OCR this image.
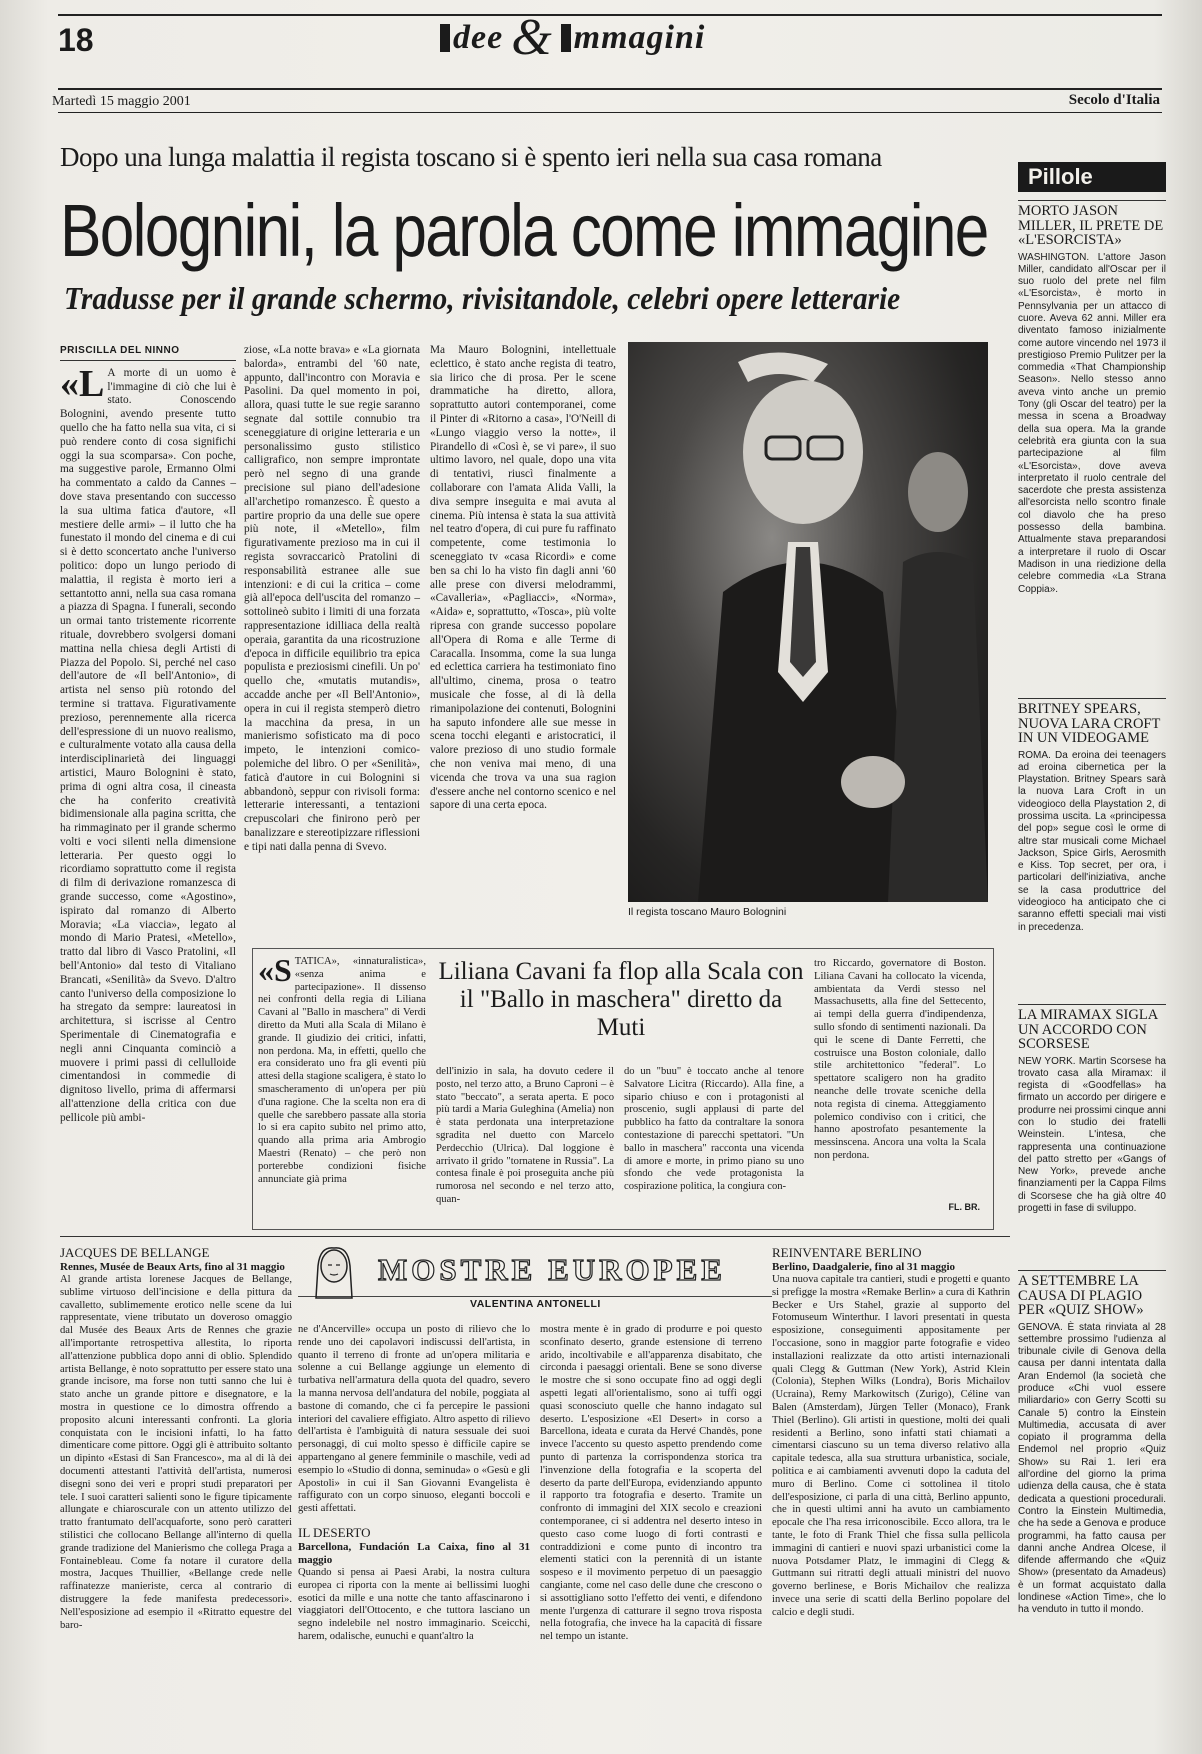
18	dee & mmagini
Martedì 15 maggio 2001	Secolo d'Italia
Dopo una lunga malattia il regista toscano si è spento ieri nella sua casa romana
Bolognini, la parola come immagine
Tradusse per il grande schermo, rivisitandole, celebri opere letterarie
PRISCILLA DEL NINNO
«L A morte di un uomo è l'immagine di ciò che lui è stato. Conoscendo Bolognini, avendo presente tutto quello che ha fatto nella sua vita, ci si può rendere conto di cosa significhi oggi la sua scomparsa». Con poche, ma suggestive parole, Ermanno Olmi ha commentato a caldo da Cannes – dove stava presentando con successo la sua ultima fatica d'autore, «Il mestiere delle armi» – il lutto che ha funestato il mondo del cinema e di cui si è detto sconcertato anche l'universo politico: dopo un lungo periodo di malattia, il regista è morto ieri a settantotto anni, nella sua casa romana a piazza di Spagna. I funerali, secondo un ormai tanto tristemente ricorrente rituale, dovrebbero svolgersi domani mattina nella chiesa degli Artisti di Piazza del Popolo. Si, perché nel caso dell'autore de «Il bell'Antonio», di artista nel senso più rotondo del termine si trattava. Figurativamente prezioso, perennemente alla ricerca dell'espressione di un nuovo realismo, e culturalmente votato alla causa della interdisciplinarietà dei linguaggi artistici, Mauro Bolognini è stato, prima di ogni altra cosa, il cineasta che ha conferito creatività bidimensionale alla pagina scritta, che ha rimmaginato per il grande schermo volti e voci silenti nella dimensione letteraria. Per questo oggi lo ricordiamo soprattutto come il regista di film di derivazione romanzesca di grande successo, come «Agostino», ispirato dal romanzo di Alberto Moravia; «La viaccia», legato al mondo di Mario Pratesi, «Metello», tratto dal libro di Vasco Pratolini, «Il bell'Antonio» dal testo di Vitaliano Brancati, «Senilità» da Svevo. D'altro canto l'universo della composizione lo ha stregato da sempre: laureatosi in architettura, si iscrisse al Centro Sperimentale di Cinematografia e negli anni Cinquanta cominciò a muovere i primi passi di cellulloide cimentandosi in commedie di dignitoso livello, prima di affermarsi all'attenzione della critica con due pellicole più ambi-
ziose, «La notte brava» e «La giornata balorda», entrambi del '60 nate, appunto, dall'incontro con Moravia e Pasolini. Da quel momento in poi, allora, quasi tutte le sue regie saranno segnate dal sottile connubio tra sceneggiature di origine letteraria e un personalissimo gusto stilistico calligrafico, non sempre improntate però nel segno di una grande precisione sul piano dell'adesione all'archetipo romanzesco. È questo a partire proprio da una delle sue opere più note, il «Metello», film figurativamente prezioso ma in cui il regista sovraccaricò Pratolini di responsabilità estranee alle sue intenzioni: e di cui la critica – come già all'epoca dell'uscita del romanzo – sottolineò subito i limiti di una forzata rappresentazione idilliaca della realtà operaia, garantita da una ricostruzione d'epoca in difficile equilibrio tra epica populista e preziosismi cinefili. Un po' quello che, «mutatis mutandis», accadde anche per «Il Bell'Antonio», opera in cui il regista stemperò dietro la macchina da presa, in un manierismo sofisticato ma di poco impeto, le intenzioni comico-polemiche del libro. O per «Senilità», faticà d'autore in cui Bolognini si abbandonò, seppur con rivisoli forma: letterarie interessanti, a tentazioni crepuscolari che finirono però per banalizzare e stereotipizzare riflessioni e tipi nati dalla penna di Svevo.
Ma Mauro Bolognini, intellettuale eclettico, è stato anche regista di teatro, sia lirico che di prosa. Per le scene drammatiche ha diretto, allora, soprattutto autori contemporanei, come il Pinter di «Ritorno a casa», l'O'Neill di «Lungo viaggio verso la notte», il Pirandello di «Così è, se vi pare», il suo ultimo lavoro, nel quale, dopo una vita di tentativi, riuscì finalmente a collaborare con l'amata Alida Valli, la diva sempre inseguita e mai avuta al cinema. Più intensa è stata la sua attività nel teatro d'opera, di cui pure fu raffinato competente, come testimonia lo sceneggiato tv «casa Ricordi» e come ben sa chi lo ha visto fin dagli anni '60 alle prese con diversi melodrammi, «Cavalleria», «Pagliacci», «Norma», «Aida» e, soprattutto, «Tosca», più volte ripresa con grande successo popolare all'Opera di Roma e alle Terme di Caracalla. Insomma, come la sua lunga ed eclettica carriera ha testimoniato fino all'ultimo, cinema, prosa o teatro musicale che fosse, al di là della rimanipolazione dei contenuti, Bolognini ha saputo infondere alle sue messe in scena tocchi eleganti e aristocratici, il valore prezioso di uno studio formale che non veniva mai meno, di una vicenda che trova va una sua ragion d'essere anche nel contorno scenico e nel sapore di una certa epoca.
Il regista toscano Mauro Bolognini
Pillole
MORTO JASON MILLER, IL PRETE DE «L'ESORCISTA»
WASHINGTON. L'attore Jason Miller, candidato all'Oscar per il suo ruolo del prete nel film «L'Esorcista», è morto in Pennsylvania per un attacco di cuore. Aveva 62 anni. Miller era diventato famoso inizialmente come autore vincendo nel 1973 il prestigioso Premio Pulitzer per la commedia «That Championship Season». Nello stesso anno aveva vinto anche un premio Tony (gli Oscar del teatro) per la messa in scena a Broadway della sua opera. Ma la grande celebrità era giunta con la sua partecipazione al film «L'Esorcista», dove aveva interpretato il ruolo centrale del sacerdote che presta assistenza all'esorcista nello scontro finale col diavolo che ha preso possesso della bambina. Attualmente stava preparandosi a interpretare il ruolo di Oscar Madison in una riedizione della celebre commedia «La Strana Coppia».
BRITNEY SPEARS, NUOVA LARA CROFT IN UN VIDEOGAME
ROMA. Da eroina dei teenagers ad eroina cibernetica per la Playstation. Britney Spears sarà la nuova Lara Croft in un videogioco della Playstation 2, di prossima uscita. La «principessa del pop» segue così le orme di altre star musicali come Michael Jackson, Spice Girls, Aerosmith e Kiss. Top secret, per ora, i particolari dell'iniziativa, anche se la casa produttrice del videogioco ha anticipato che ci saranno effetti speciali mai visti in precedenza.
LA MIRAMAX SIGLA UN ACCORDO CON SCORSESE
NEW YORK. Martin Scorsese ha trovato casa alla Miramax: il regista di «Goodfellas» ha firmato un accordo per dirigere e produrre nei prossimi cinque anni con lo studio dei fratelli Weinstein. L'intesa, che rappresenta una continuazione del patto stretto per «Gangs of New York», prevede anche finanziamenti per la Cappa Films di Scorsese che ha già oltre 40 progetti in fase di sviluppo.
A SETTEMBRE LA CAUSA DI PLAGIO PER «QUIZ SHOW»
GENOVA. È stata rinviata al 28 settembre prossimo l'udienza al tribunale civile di Genova della causa per danni intentata dalla Aran Endemol (la società che produce «Chi vuol essere miliardario» con Gerry Scotti su Canale 5) contro la Einstein Multimedia, accusata di aver copiato il programma della Endemol nel proprio «Quiz Show» su Rai 1. Ieri era all'ordine del giorno la prima udienza della causa, che è stata dedicata a questioni procedurali. Contro la Einstein Multimedia, che ha sede a Genova e produce programmi, ha fatto causa per danni anche Andrea Olcese, il difende affermando che «Quiz Show» (presentato da Amadeus) è un format acquistato dalla londinese «Action Time», che lo ha venduto in tutto il mondo.
«STATICA», «innaturalistica», «senza anima e partecipazione». Il dissenso nei confronti della regia di Liliana Cavani al "Ballo in maschera" di Verdi diretto da Muti alla Scala di Milano è grande. Il giudizio dei critici, infatti, non perdona. Ma, in effetti, quello che era considerato uno fra gli eventi più attesi della stagione scaligera, è stato lo smascheramento di un'opera per più d'una ragione. Che la scelta non era di quelle che sarebbero passate alla storia lo si era capito subito nel primo atto, quando alla prima aria Ambrogio Maestri (Renato) – che però non porterebbe condizioni fisiche annunciate già prima
Liliana Cavani fa flop alla Scala con il "Ballo in maschera" diretto da Muti
dell'inizio in sala, ha dovuto cedere il posto, nel terzo atto, a Bruno Caproni – è stato "beccato", a serata aperta. E poco più tardi a Maria Guleghina (Amelia) non è stata perdonata una interpretazione sgradita nel duetto con Marcelo Perdecchio (Ulrica). Dal loggione è arrivato il grido "tornatene in Russia". La contesa finale è poi proseguita anche più rumorosa nel secondo e nel terzo atto, quan-
do un "buu" è toccato anche al tenore Salvatore Licitra (Riccardo). Alla fine, a sipario chiuso e con i protagonisti al proscenio, sugli applausi di parte del pubblico ha fatto da contraltare la sonora contestazione di parecchi spettatori. "Un ballo in maschera" racconta una vicenda di amore e morte, in primo piano su uno sfondo che vede protagonista la cospirazione politica, la congiura con-
tro Riccardo, governatore di Boston. Liliana Cavani ha collocato la vicenda, ambientata da Verdi stesso nel Massachusetts, alla fine del Settecento, ai tempi della guerra d'indipendenza, sullo sfondo di sentimenti nazionali. Da qui le scene di Dante Ferretti, che costruisce una Boston coloniale, dallo stile architettonico "federal". Lo spettatore scaligero non ha gradito neanche delle trovate sceniche della nota regista di cinema. Atteggiamento polemico condiviso con i critici, che hanno apostrofato pesantemente la messinscena. Ancora una volta la Scala non perdona.
FL. BR.
MOSTRE EUROPEE
VALENTINA ANTONELLI
JACQUES DE BELLANGE
Rennes, Musée de Beaux Arts, fino al 31 maggio
Al grande artista lorenese Jacques de Bellange, sublime virtuoso dell'incisione e della pittura da cavalletto, sublimemente erotico nelle scene da lui rappresentate, viene tributato un doveroso omaggio dal Musée des Beaux Arts de Rennes che grazie all'importante retrospettiva allestita, lo riporta all'attenzione pubblica dopo anni di oblio. Splendido artista Bellange, è noto soprattutto per essere stato una grande incisore, ma forse non tutti sanno che lui è stato anche un grande pittore e disegnatore, e la mostra in questione ce lo dimostra offrendo a proposito alcuni interessanti confronti. La gloria conquistata con le incisioni infatti, lo ha fatto dimenticare come pittore. Oggi gli è attribuito soltanto un dipinto «Estasi di San Francesco», ma al di là dei documenti attestanti l'attività dell'artista, numerosi disegni sono dei veri e propri studi preparatori per tele. I suoi caratteri salienti sono le figure tipicamente allungate e chiaroscurale con un attento utilizzo del tratto frantumato dell'acquaforte, sono però caratteri stilistici che collocano Bellange all'interno di quella grande tradizione del Manierismo che collega Praga a Fontainebleau. Come fa notare il curatore della mostra, Jacques Thuillier, «Bellange crede nelle raffinatezze manieriste, cerca al contrario di distruggere la fede manifesta predecessori». Nell'esposizione ad esempio il «Ritratto equestre del baro-
ne d'Ancerville» occupa un posto di rilievo che lo rende uno dei capolavori indiscussi dell'artista, in quanto il terreno di fronte ad un'opera militaria e solenne a cui Bellange aggiunge un elemento di turbativa nell'armatura della quota del quadro, severo la manna nervosa dell'andatura del nobile, poggiata al bastone di comando, che ci fa percepire le passioni interiori del cavaliere effigiato. Altro aspetto di rilievo dell'artista è l'ambiguità di natura sessuale dei suoi personaggi, di cui molto spesso è difficile capire se appartengano al genere femminile o maschile, vedi ad esempio lo «Studio di donna, seminuda» o «Gesù e gli Apostoli» in cui il San Giovanni Evangelista è raffigurato con un corpo sinuoso, eleganti boccoli e gesti affettati.
IL DESERTO
Barcellona, Fundación La Caixa, fino al 31 maggio
Quando si pensa ai Paesi Arabi, la nostra cultura europea ci riporta con la mente ai bellissimi luoghi esotici da mille e una notte che tanto affascinarono i viaggiatori dell'Ottocento, e che tuttora lasciano un segno indelebile nel nostro immaginario. Sceicchi, harem, odalische, eunuchi e quant'altro la
mostra mente è in grado di produrre e poi questo sconfinato deserto, grande estensione di terreno arido, incoltivabile e all'apparenza disabitato, che circonda i paesaggi orientali. Bene se sono diverse le mostre che si sono occupate fino ad oggi degli aspetti legati all'orientalismo, sono ai tuffi oggi quasi sconosciuto quelle che hanno indagato sul deserto. L'esposizione «El Desert» in corso a Barcellona, ideata e curata da Hervé Chandès, pone invece l'accento su questo aspetto prendendo come punto di partenza la corrispondenza storica tra l'invenzione della fotografia e la scoperta del deserto da parte dell'Europa, evidenziando appunto il rapporto tra fotografia e deserto. Tramite un confronto di immagini del XIX secolo e creazioni contemporanee, ci si addentra nel deserto inteso in questo caso come luogo di forti contrasti e contraddizioni e come punto di incontro tra elementi statici con la perennità di un istante sospeso e il movimento perpetuo di un paesaggio cangiante, come nel caso delle dune che crescono o si assottigliano sotto l'effetto dei venti, e difendono mente l'urgenza di catturare il segno trova risposta nella fotografia, che invece ha la capacità di fissare nel tempo un istante.
REINVENTARE BERLINO
Berlino, Daadgalerie, fino al 31 maggio
Una nuova capitale tra cantieri, studi e progetti e quanto si prefigge la mostra «Remake Berlin» a cura di Kathrin Becker e Urs Stahel, grazie al supporto del Fotomuseum Winterthur. I lavori presentati in questa esposizione, conseguimenti appositamente per l'occasione, sono in maggior parte fotografie e video installazioni realizzate da otto artisti internazionali quali Clegg & Guttman (New York), Astrid Klein (Colonia), Stephen Wilks (Londra), Boris Michailov (Ucraina), Remy Markowitsch (Zurigo), Céline van Balen (Amsterdam), Jürgen Teller (Monaco), Frank Thiel (Berlino). Gli artisti in questione, molti dei quali residenti a Berlino, sono infatti stati chiamati a cimentarsi ciascuno su un tema diverso relativo alla capitale tedesca, alla sua struttura urbanistica, sociale, politica e ai cambiamenti avvenuti dopo la caduta del muro di Berlino. Come ci sottolinea il titolo dell'esposizione, ci parla di una città, Berlino appunto, che in questi ultimi anni ha avuto un cambiamento epocale che l'ha resa irriconoscibile. Ecco allora, tra le tante, le foto di Frank Thiel che fissa sulla pellicola immagini di cantieri e nuovi spazi urbanistici come la nuova Potsdamer Platz, le immagini di Clegg & Guttmann sui ritratti degli attuali ministri del nuovo governo berlinese, e Boris Michailov che realizza invece una serie di scatti della Berlino popolare del calcio e degli studi.
